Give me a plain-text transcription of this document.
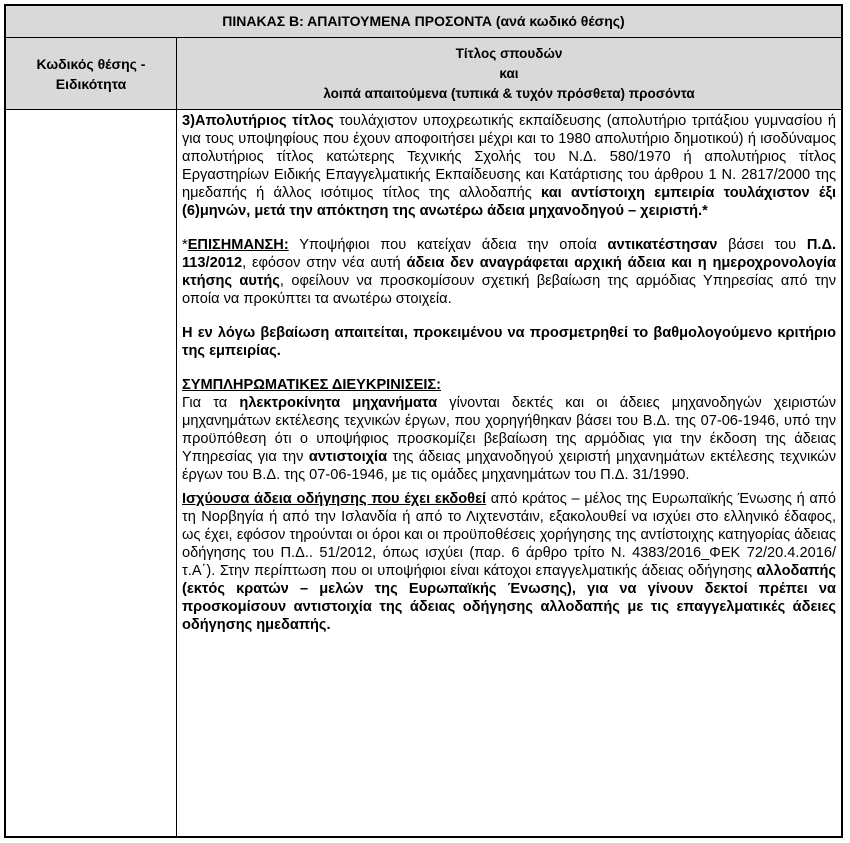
ΠΙΝΑΚΑΣ Β: ΑΠΑΙΤΟΥΜΕΝΑ ΠΡΟΣΟΝΤΑ (ανά κωδικό θέσης)
Κωδικός θέσης -
Ειδικότητα
Τίτλος σπουδών
και
λοιπά απαιτούμενα (τυπικά & τυχόν πρόσθετα) προσόντα

3)Απολυτήριος τίτλος τουλάχιστον υποχρεωτικής εκπαίδευσης (απολυτήριο τριτάξιου γυμνασίου ή για τους υποψηφίους που έχουν αποφοιτήσει μέχρι και το 1980 απολυτήριο δημοτικού) ή ισοδύναμος απολυτήριος τίτλος κατώτερης Τεχνικής Σχολής του Ν.Δ. 580/1970 ή απολυτήριος τίτλος Εργαστηρίων Ειδικής Επαγγελματικής Εκπαίδευσης και Κατάρτισης του άρθρου 1 Ν. 2817/2000 της ημεδαπής ή άλλος ισότιμος τίτλος της αλλοδαπής και αντίστοιχη εμπειρία τουλάχιστον έξι (6)μηνών, μετά την απόκτηση της ανωτέρω άδεια μηχανοδηγού – χειριστή.*

*ΕΠΙΣΗΜΑΝΣΗ: Υποψήφιοι που κατείχαν άδεια την οποία αντικατέστησαν βάσει του Π.Δ. 113/2012, εφόσον στην νέα αυτή άδεια δεν αναγράφεται αρχική άδεια και η ημεροχρονολογία κτήσης αυτής, οφείλουν να προσκομίσουν σχετική βεβαίωση της αρμόδιας Υπηρεσίας από την οποία να προκύπτει τα ανωτέρω στοιχεία.

Η εν λόγω βεβαίωση απαιτείται, προκειμένου να προσμετρηθεί το βαθμολογούμενο κριτήριο της εμπειρίας.

ΣΥΜΠΛΗΡΩΜΑΤΙΚΕΣ ΔΙΕΥΚΡΙΝΙΣΕΙΣ:
Για τα ηλεκτροκίνητα μηχανήματα γίνονται δεκτές και οι άδειες μηχανοδηγών χειριστών μηχανημάτων εκτέλεσης τεχνικών έργων, που χορηγήθηκαν βάσει του Β.Δ. της 07-06-1946, υπό την προϋπόθεση ότι ο υποψήφιος προσκομίζει βεβαίωση της αρμόδιας για την έκδοση της άδειας Υπηρεσίας για την αντιστοιχία της άδειας μηχανοδηγού χειριστή μηχανημάτων εκτέλεσης τεχνικών έργων του Β.Δ. της 07-06-1946, με τις ομάδες μηχανημάτων του Π.Δ. 31/1990.

Ισχύουσα άδεια οδήγησης που έχει εκδοθεί από κράτος – μέλος της Ευρωπαϊκής Ένωσης ή από τη Νορβηγία ή από την Ισλανδία ή από το Λιχτενστάιν, εξακολουθεί να ισχύει στο ελληνικό έδαφος, ως έχει, εφόσον τηρούνται οι όροι και οι προϋποθέσεις χορήγησης της αντίστοιχης κατηγορίας άδειας οδήγησης του Π.Δ.. 51/2012, όπως ισχύει (παρ. 6 άρθρο τρίτο Ν. 4383/2016_ΦΕΚ 72/20.4.2016/τ.Α΄). Στην περίπτωση που οι υποψήφιοι είναι κάτοχοι επαγγελματικής άδειας οδήγησης αλλοδαπής (εκτός κρατών – μελών της Ευρωπαϊκής Ένωσης), για να γίνουν δεκτοί πρέπει να προσκομίσουν αντιστοιχία της άδειας οδήγησης αλλοδαπής με τις επαγγελματικές άδειες οδήγησης ημεδαπής.
